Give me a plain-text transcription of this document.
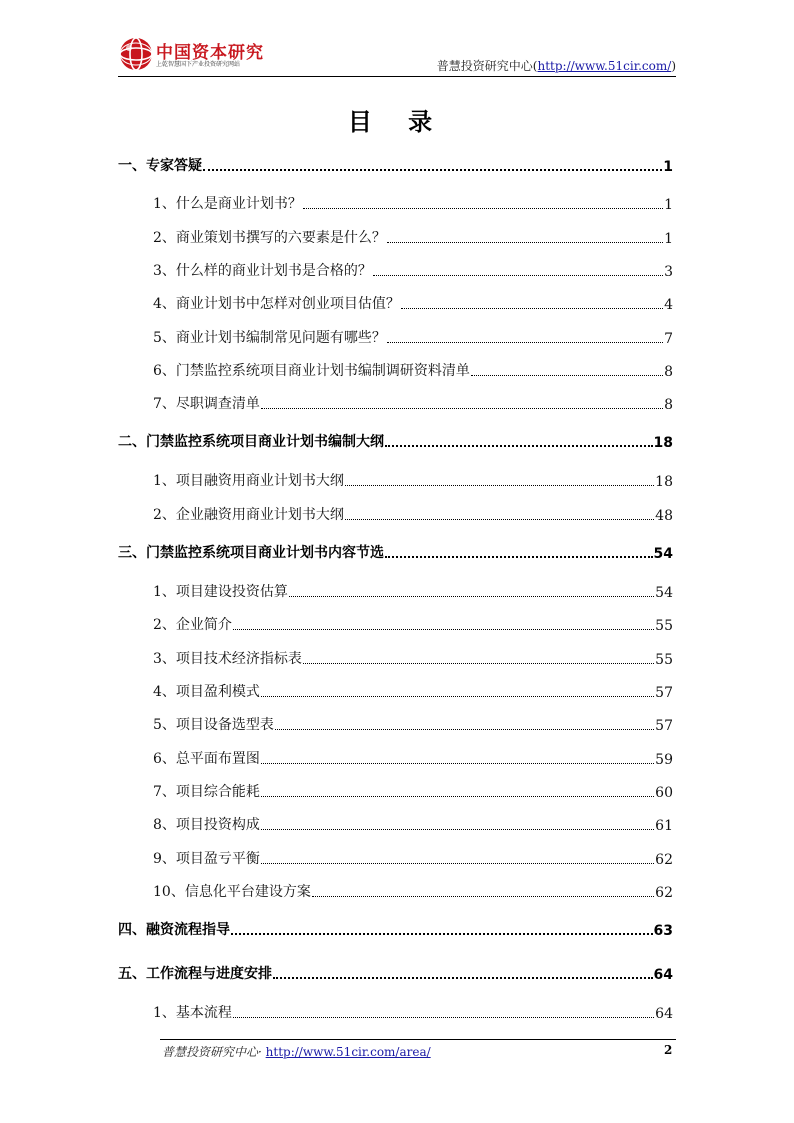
中国资本研究
上乾智慧国下产业投资研究网站	普慧投资研究中心(http://www.51cir.com/)
目 录
一、专家答疑	1
1、什么是商业计划书？	1
2、商业策划书撰写的六要素是什么？	1
3、什么样的商业计划书是合格的？	3
4、商业计划书中怎样对创业项目估值？	4
5、商业计划书编制常见问题有哪些？	7
6、门禁监控系统项目商业计划书编制调研资料清单	8
7、尽职调查清单	8
二、门禁监控系统项目商业计划书编制大纲	18
1、项目融资用商业计划书大纲	18
2、企业融资用商业计划书大纲	48
三、门禁监控系统项目商业计划书内容节选	54
1、项目建设投资估算	54
2、企业简介	55
3、项目技术经济指标表	55
4、项目盈利模式	57
5、项目设备选型表	57
6、总平面布置图	59
7、项目综合能耗	60
8、项目投资构成	61
9、项目盈亏平衡	62
10、信息化平台建设方案	62
四、融资流程指导	63
五、工作流程与进度安排	64
1、基本流程	64
普慧投资研究中心· http://www.51cir.com/area/	2
